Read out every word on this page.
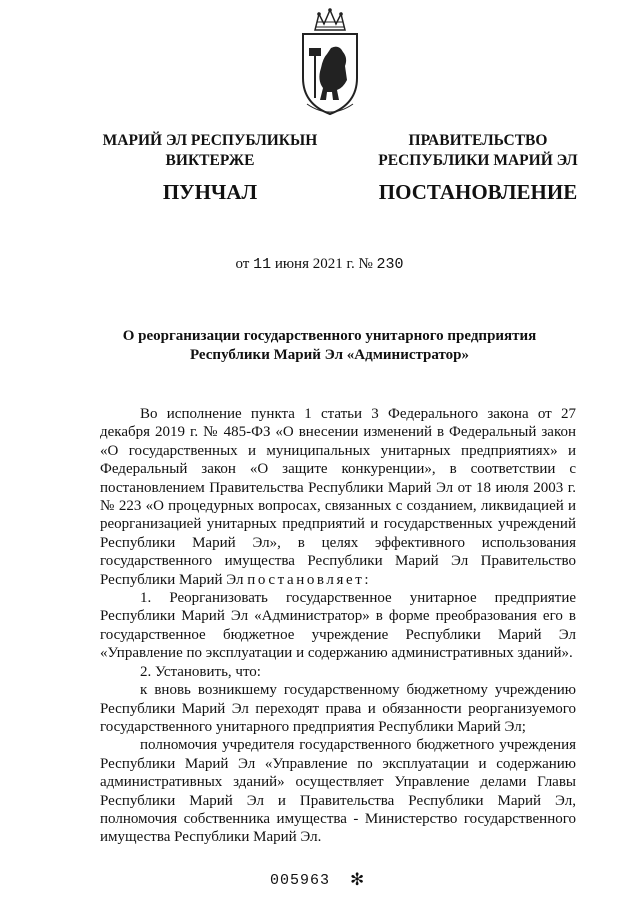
МАРИЙ ЭЛ РЕСПУБЛИКЫН
ВИКТЕРЖЕ
ПУНЧАЛ
ПРАВИТЕЛЬСТВО
РЕСПУБЛИКИ МАРИЙ ЭЛ
ПОСТАНОВЛЕНИЕ
от 11 июня 2021 г. № 230
О реорганизации государственного унитарного предприятия
Республики Марий Эл «Администратор»

Во исполнение пункта 1 статьи 3 Федерального закона от 27 декабря 2019 г. № 485-ФЗ «О внесении изменений в Федеральный закон «О государственных и муниципальных унитарных предприятиях» и Федеральный закон «О защите конкуренции», в соответствии с постановлением Правительства Республики Марий Эл от 18 июля 2003 г. № 223 «О процедурных вопросах, связанных с созданием, ликвидацией и реорганизацией унитарных предприятий и государственных учреждений Республики Марий Эл», в целях эффективного использования государственного имущества Республики Марий Эл Правительство Республики Марий Эл постановляет:

1. Реорганизовать государственное унитарное предприятие Республики Марий Эл «Администратор» в форме преобразования его в государственное бюджетное учреждение Республики Марий Эл «Управление по эксплуатации и содержанию административных зданий».

2. Установить, что:

к вновь возникшему государственному бюджетному учреждению Республики Марий Эл переходят права и обязанности реорганизуемого государственного унитарного предприятия Республики Марий Эл;

полномочия учредителя государственного бюджетного учреждения Республики Марий Эл «Управление по эксплуатации и содержанию административных зданий» осуществляет Управление делами Главы Республики Марий Эл и Правительства Республики Марий Эл, полномочия собственника имущества - Министерство государственного имущества Республики Марий Эл.

005963 ✻
